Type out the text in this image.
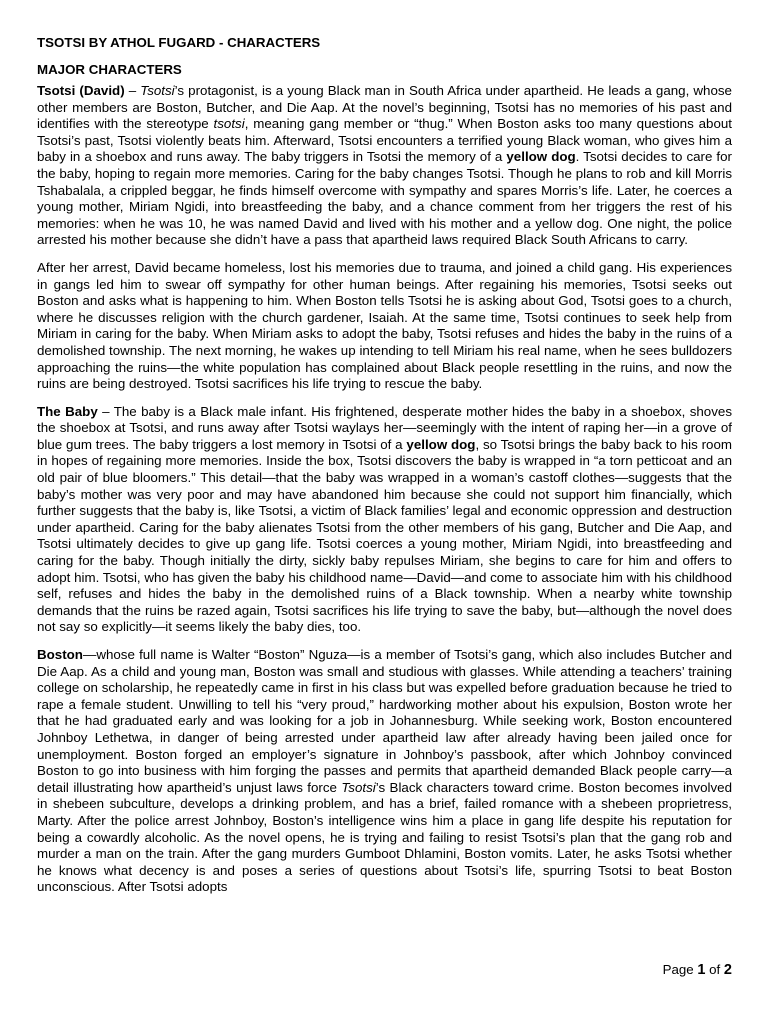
TSOTSI BY ATHOL FUGARD - CHARACTERS
MAJOR CHARACTERS

Tsotsi (David) – Tsotsi’s protagonist, is a young Black man in South Africa under apartheid. He leads a gang, whose other members are Boston, Butcher, and Die Aap. At the novel’s beginning, Tsotsi has no memories of his past and identifies with the stereotype tsotsi, meaning gang member or “thug.” When Boston asks too many questions about Tsotsi’s past, Tsotsi violently beats him. Afterward, Tsotsi encounters a terrified young Black woman, who gives him a baby in a shoebox and runs away. The baby triggers in Tsotsi the memory of a yellow dog. Tsotsi decides to care for the baby, hoping to regain more memories. Caring for the baby changes Tsotsi. Though he plans to rob and kill Morris Tshabalala, a crippled beggar, he finds himself overcome with sympathy and spares Morris’s life. Later, he coerces a young mother, Miriam Ngidi, into breastfeeding the baby, and a chance comment from her triggers the rest of his memories: when he was 10, he was named David and lived with his mother and a yellow dog. One night, the police arrested his mother because she didn’t have a pass that apartheid laws required Black South Africans to carry.

After her arrest, David became homeless, lost his memories due to trauma, and joined a child gang. His experiences in gangs led him to swear off sympathy for other human beings. After regaining his memories, Tsotsi seeks out Boston and asks what is happening to him. When Boston tells Tsotsi he is asking about God, Tsotsi goes to a church, where he discusses religion with the church gardener, Isaiah. At the same time, Tsotsi continues to seek help from Miriam in caring for the baby. When Miriam asks to adopt the baby, Tsotsi refuses and hides the baby in the ruins of a demolished township. The next morning, he wakes up intending to tell Miriam his real name, when he sees bulldozers approaching the ruins—the white population has complained about Black people resettling in the ruins, and now the ruins are being destroyed. Tsotsi sacrifices his life trying to rescue the baby.

The Baby – The baby is a Black male infant. His frightened, desperate mother hides the baby in a shoebox, shoves the shoebox at Tsotsi, and runs away after Tsotsi waylays her—seemingly with the intent of raping her—in a grove of blue gum trees. The baby triggers a lost memory in Tsotsi of a yellow dog, so Tsotsi brings the baby back to his room in hopes of regaining more memories. Inside the box, Tsotsi discovers the baby is wrapped in “a torn petticoat and an old pair of blue bloomers.” This detail—that the baby was wrapped in a woman’s castoff clothes—suggests that the baby’s mother was very poor and may have abandoned him because she could not support him financially, which further suggests that the baby is, like Tsotsi, a victim of Black families’ legal and economic oppression and destruction under apartheid. Caring for the baby alienates Tsotsi from the other members of his gang, Butcher and Die Aap, and Tsotsi ultimately decides to give up gang life. Tsotsi coerces a young mother, Miriam Ngidi, into breastfeeding and caring for the baby. Though initially the dirty, sickly baby repulses Miriam, she begins to care for him and offers to adopt him. Tsotsi, who has given the baby his childhood name—David—and come to associate him with his childhood self, refuses and hides the baby in the demolished ruins of a Black township. When a nearby white township demands that the ruins be razed again, Tsotsi sacrifices his life trying to save the baby, but—although the novel does not say so explicitly—it seems likely the baby dies, too.

Boston—whose full name is Walter “Boston” Nguza—is a member of Tsotsi’s gang, which also includes Butcher and Die Aap. As a child and young man, Boston was small and studious with glasses. While attending a teachers’ training college on scholarship, he repeatedly came in first in his class but was expelled before graduation because he tried to rape a female student. Unwilling to tell his “very proud,” hardworking mother about his expulsion, Boston wrote her that he had graduated early and was looking for a job in Johannesburg. While seeking work, Boston encountered Johnboy Lethetwa, in danger of being arrested under apartheid law after already having been jailed once for unemployment. Boston forged an employer’s signature in Johnboy’s passbook, after which Johnboy convinced Boston to go into business with him forging the passes and permits that apartheid demanded Black people carry—a detail illustrating how apartheid’s unjust laws force Tsotsi’s Black characters toward crime. Boston becomes involved in shebeen subculture, develops a drinking problem, and has a brief, failed romance with a shebeen proprietress, Marty. After the police arrest Johnboy, Boston’s intelligence wins him a place in gang life despite his reputation for being a cowardly alcoholic. As the novel opens, he is trying and failing to resist Tsotsi’s plan that the gang rob and murder a man on the train. After the gang murders Gumboot Dhlamini, Boston vomits. Later, he asks Tsotsi whether he knows what decency is and poses a series of questions about Tsotsi’s life, spurring Tsotsi to beat Boston unconscious. After Tsotsi adopts

Page 1 of 2
